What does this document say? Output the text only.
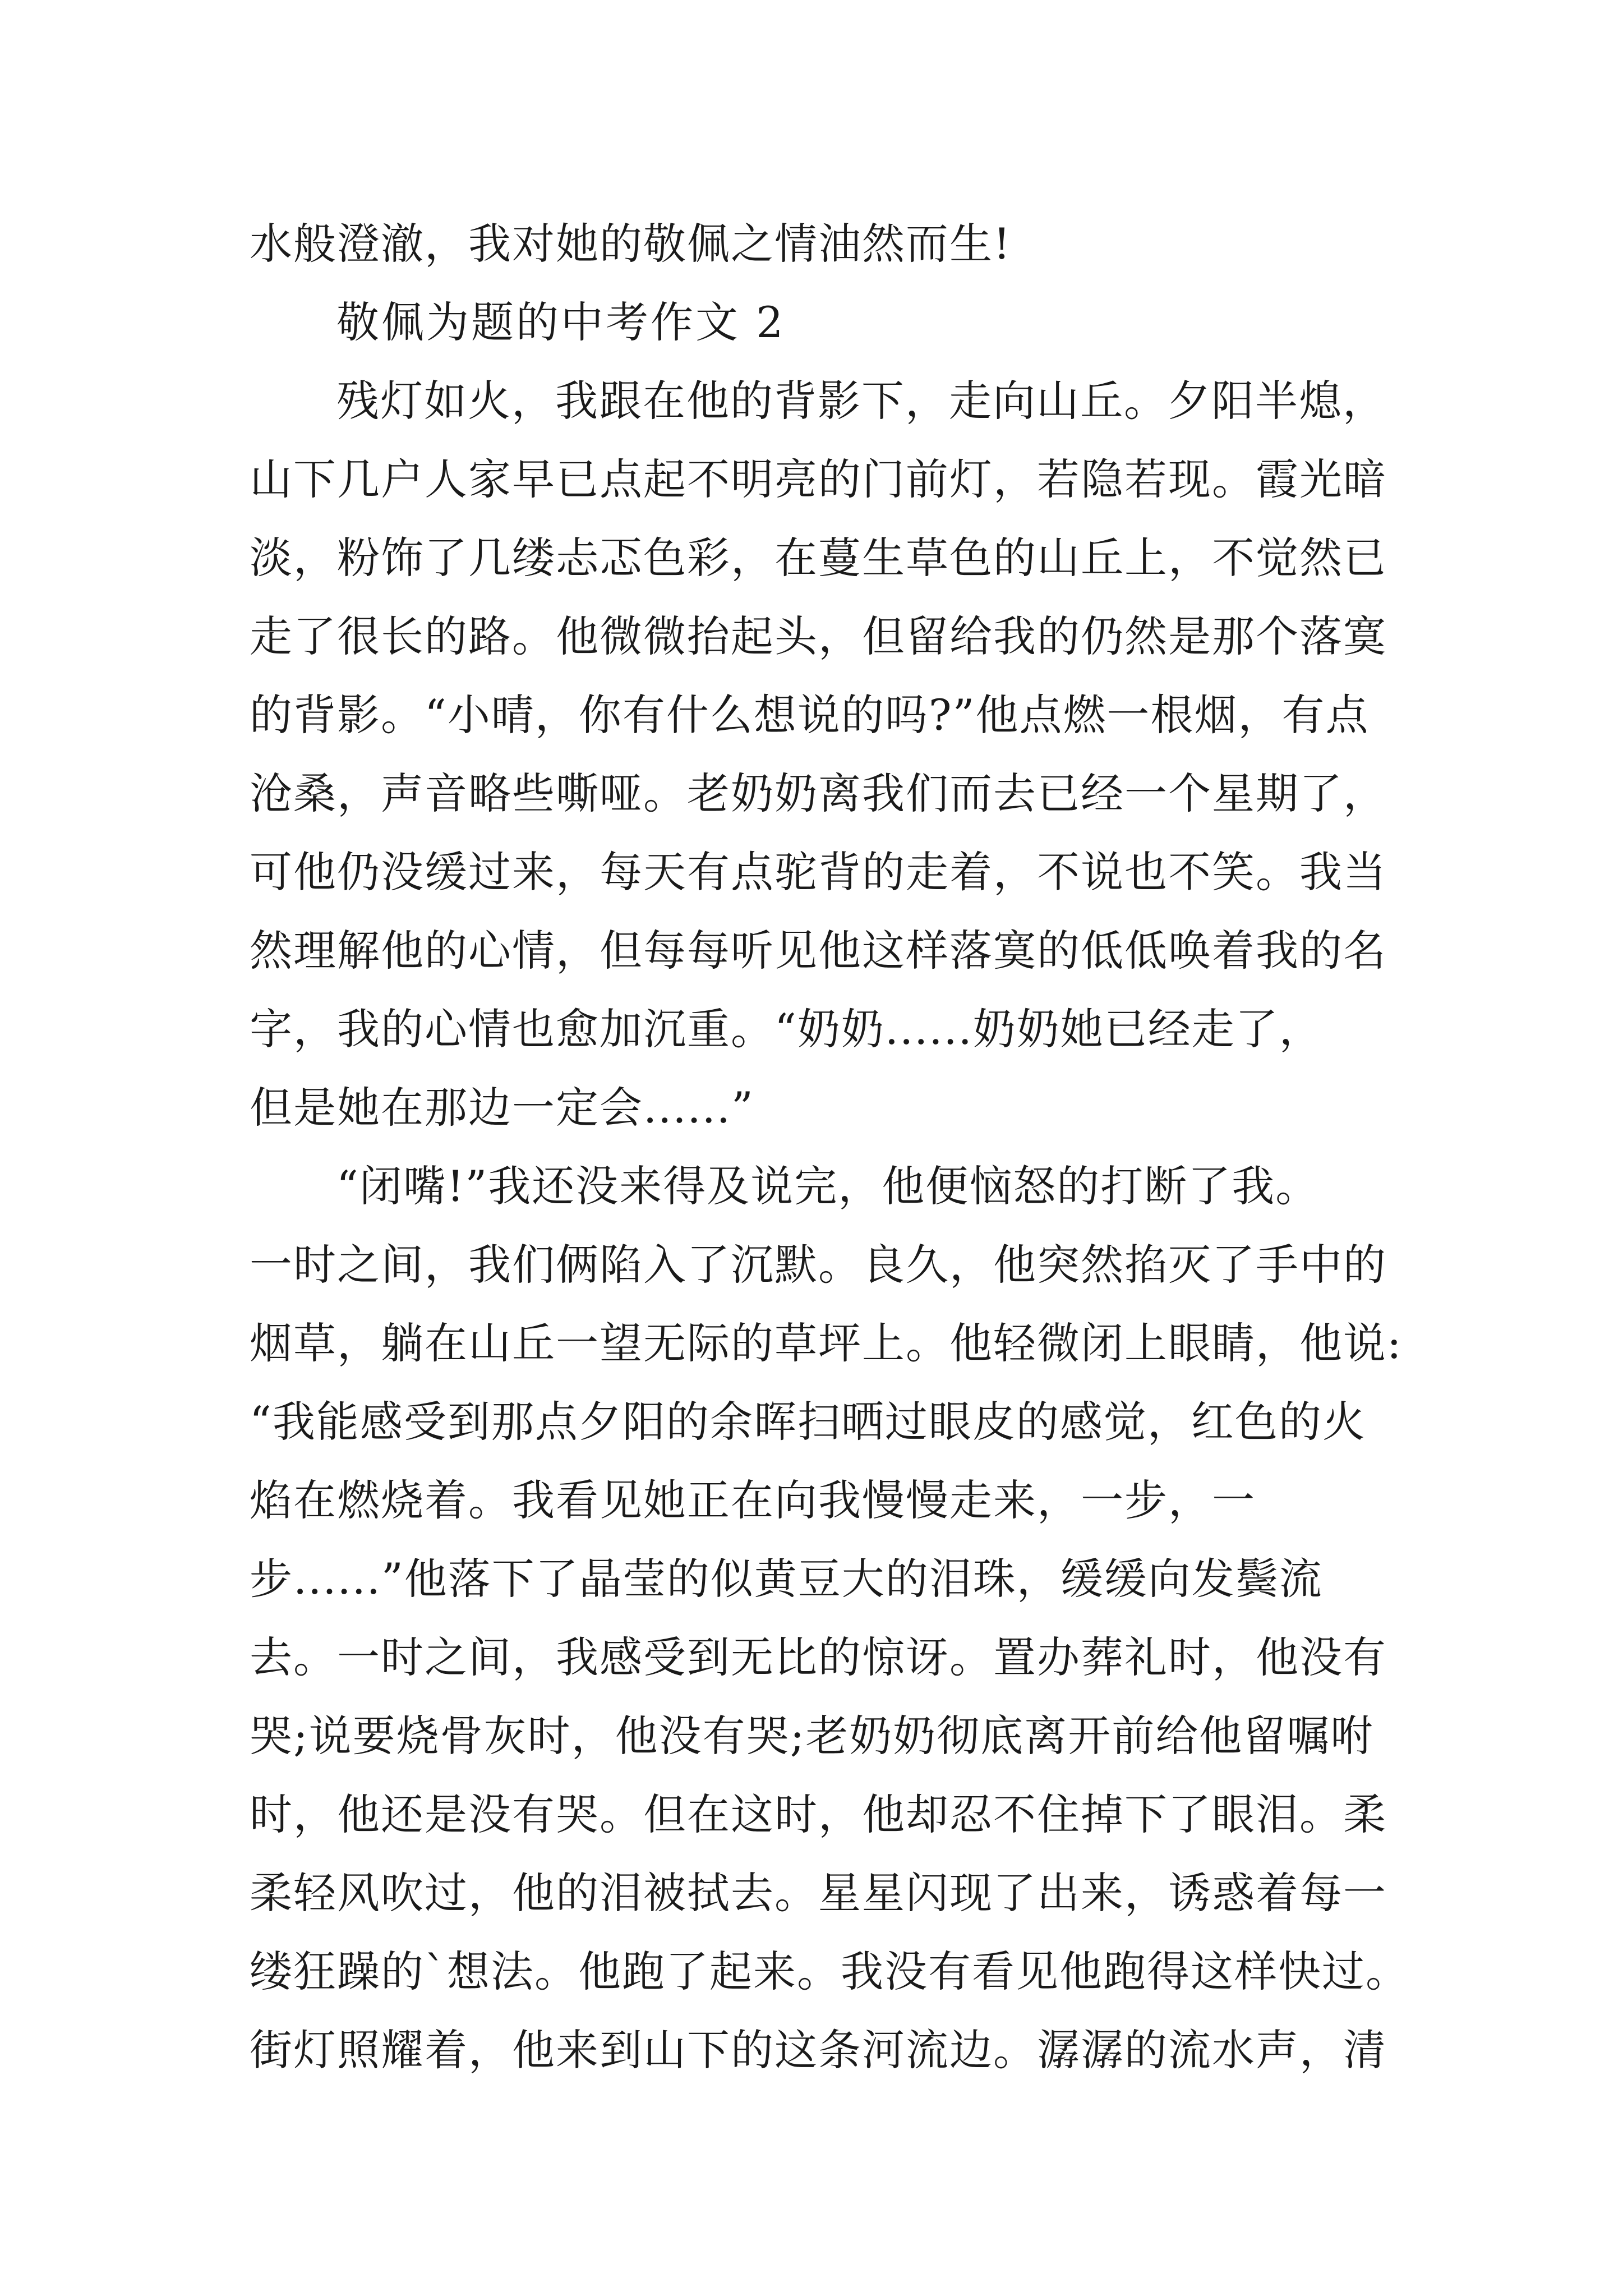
水般澄澈，我对她的敬佩之情油然而生!
敬佩为题的中考作文 2
残灯如火，我跟在他的背影下，走向山丘。夕阳半熄，
山下几户人家早已点起不明亮的门前灯，若隐若现。霞光暗
淡，粉饰了几缕忐忑色彩，在蔓生草色的山丘上，不觉然已
走了很长的路。他微微抬起头，但留给我的仍然是那个落寞
的背影。“小晴，你有什么想说的吗?”他点燃一根烟，有点
沧桑，声音略些嘶哑。老奶奶离我们而去已经一个星期了，
可他仍没缓过来，每天有点驼背的走着，不说也不笑。我当
然理解他的心情，但每每听见他这样落寞的低低唤着我的名
字，我的心情也愈加沉重。“奶奶......奶奶她已经走了，
但是她在那边一定会......”
“闭嘴!”我还没来得及说完，他便恼怒的打断了我。
一时之间，我们俩陷入了沉默。良久，他突然掐灭了手中的
烟草，躺在山丘一望无际的草坪上。他轻微闭上眼睛，他说:
“我能感受到那点夕阳的余晖扫晒过眼皮的感觉，红色的火
焰在燃烧着。我看见她正在向我慢慢走来，一步，一
步......”他落下了晶莹的似黄豆大的泪珠，缓缓向发鬓流
去。一时之间，我感受到无比的惊讶。置办葬礼时，他没有
哭;说要烧骨灰时，他没有哭;老奶奶彻底离开前给他留嘱咐
时，他还是没有哭。但在这时，他却忍不住掉下了眼泪。柔
柔轻风吹过，他的泪被拭去。星星闪现了出来，诱惑着每一
缕狂躁的`想法。他跑了起来。我没有看见他跑得这样快过。
街灯照耀着，他来到山下的这条河流边。潺潺的流水声，清
